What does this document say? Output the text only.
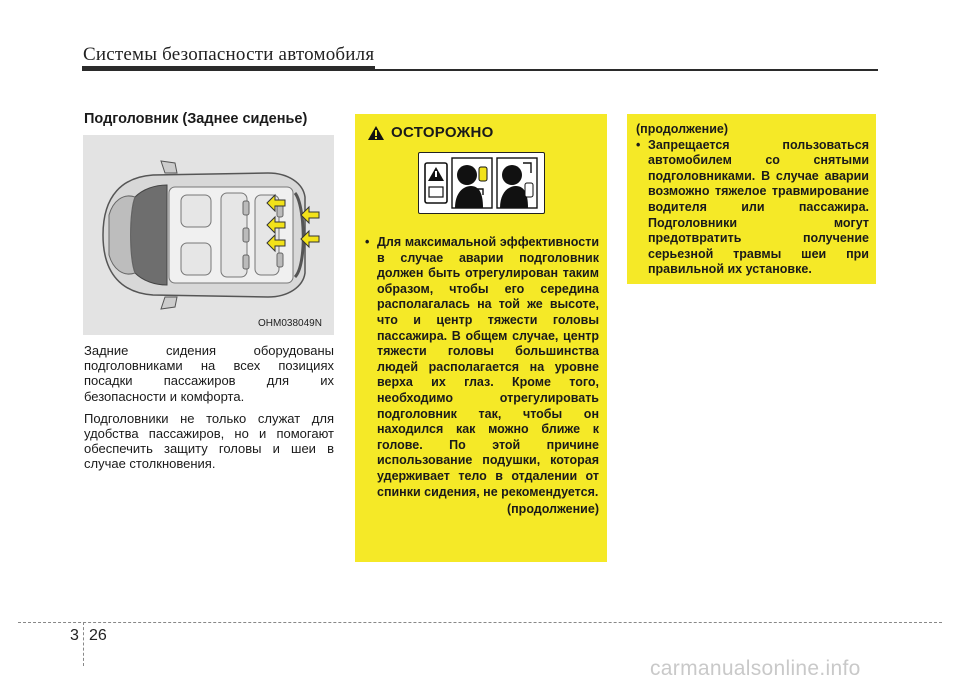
Системы безопасности автомобиля
Подголовник (Заднее сиденье)
OHM038049N

Задние сидения оборудованы подголовниками на всех позициях посадки пассажиров для их безопасности и комфорта.

Подголовники не только служат для удобства пассажиров, но и помогают обеспечить защиту головы и шеи в случае столкновения.

ОСТОРОЖНО
• Для максимальной эффективности в случае аварии подголовник должен быть отрегулирован таким образом, чтобы его середина располагалась на той же высоте, что и центр тяжести головы пассажира. В общем случае, центр тяжести головы большинства людей располагается на уровне верха их глаз. Кроме того, необходимо отрегулировать подголовник так, чтобы он находился как можно ближе к голове. По этой причине использование подушки, которая удерживает тело в отдалении от спинки сидения, не рекомендуется.
(продолжение)
(продолжение)
• Запрещается пользоваться автомобилем со снятыми подголовниками. В случае аварии возможно тяжелое травмирование водителя или пассажира. Подголовники могут предотвратить получение серьезной травмы шеи при правильной их установке.
3 26
carmanualsonline.info
